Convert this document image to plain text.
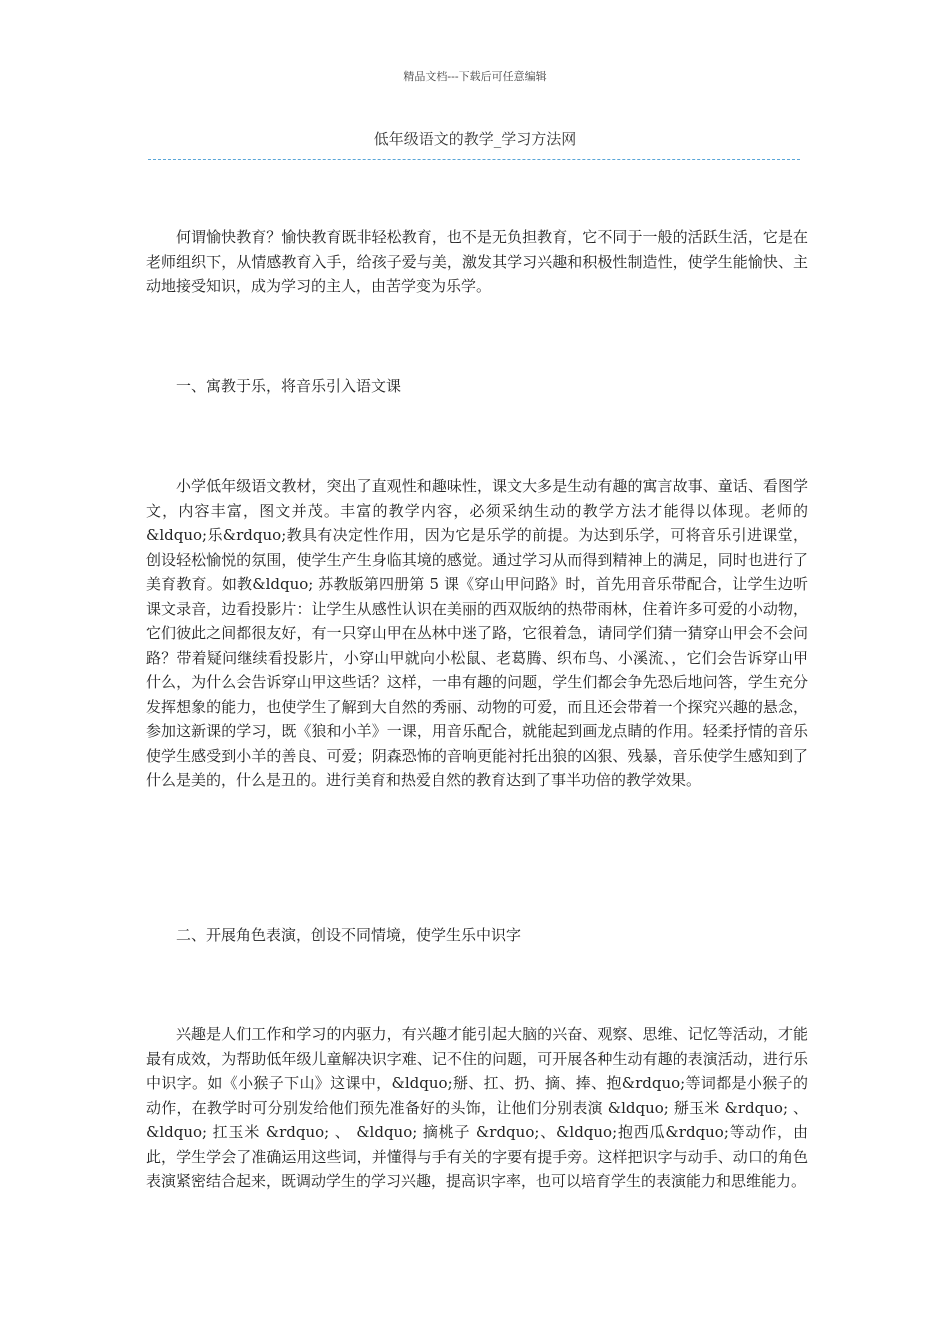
精品文档---下载后可任意编辑
低年级语文的教学_学习方法网

何谓愉快教育？愉快教育既非轻松教育，也不是无负担教育，它不同于一般的活跃生活，它是在老师组织下，从情感教育入手，给孩子爱与美，激发其学习兴趣和积极性制造性，使学生能愉快、主动地接受知识，成为学习的主人，由苦学变为乐学。

一、寓教于乐，将音乐引入语文课

小学低年级语文教材，突出了直观性和趣味性，课文大多是生动有趣的寓言故事、童话、看图学文，内容丰富，图文并茂。丰富的教学内容，必须采纳生动的教学方法才能得以体现。老师的&ldquo;乐&rdquo;教具有决定性作用，因为它是乐学的前提。为达到乐学，可将音乐引进课堂，创设轻松愉悦的氛围，使学生产生身临其境的感觉。通过学习从而得到精神上的满足，同时也进行了美育教育。如教&ldquo; 苏教版第四册第 5 课《穿山甲问路》时，首先用音乐带配合，让学生边听课文录音，边看投影片：让学生从感性认识在美丽的西双版纳的热带雨林，住着许多可爱的小动物，它们彼此之间都很友好，有一只穿山甲在丛林中迷了路，它很着急，请同学们猜一猜穿山甲会不会问路？带着疑问继续看投影片，小穿山甲就向小松鼠、老葛腾、织布鸟、小溪流、，它们会告诉穿山甲什么，为什么会告诉穿山甲这些话？这样，一串有趣的问题，学生们都会争先恐后地问答，学生充分发挥想象的能力，也使学生了解到大自然的秀丽、动物的可爱，而且还会带着一个探究兴趣的悬念，参加这新课的学习，既《狼和小羊》一课，用音乐配合，就能起到画龙点睛的作用。轻柔抒情的音乐使学生感受到小羊的善良、可爱；阴森恐怖的音响更能衬托出狼的凶狠、残暴，音乐使学生感知到了什么是美的，什么是丑的。进行美育和热爱自然的教育达到了事半功倍的教学效果。

二、开展角色表演，创设不同情境，使学生乐中识字

兴趣是人们工作和学习的内驱力，有兴趣才能引起大脑的兴奋、观察、思维、记忆等活动，才能最有成效，为帮助低年级儿童解决识字难、记不住的问题，可开展各种生动有趣的表演活动，进行乐中识字。如《小猴子下山》这课中，&ldquo;掰、扛、扔、摘、捧、抱&rdquo;等词都是小猴子的动作，在教学时可分别发给他们预先准备好的头饰，让他们分别表演 &ldquo; 掰玉米 &rdquo; 、 &ldquo; 扛玉米 &rdquo; 、 &ldquo; 摘桃子 &rdquo;、&ldquo;抱西瓜&rdquo;等动作，由此，学生学会了准确运用这些词，并懂得与手有关的字要有提手旁。这样把识字与动手、动口的角色表演紧密结合起来，既调动学生的学习兴趣，提高识字率，也可以培育学生的表演能力和思维能力。
